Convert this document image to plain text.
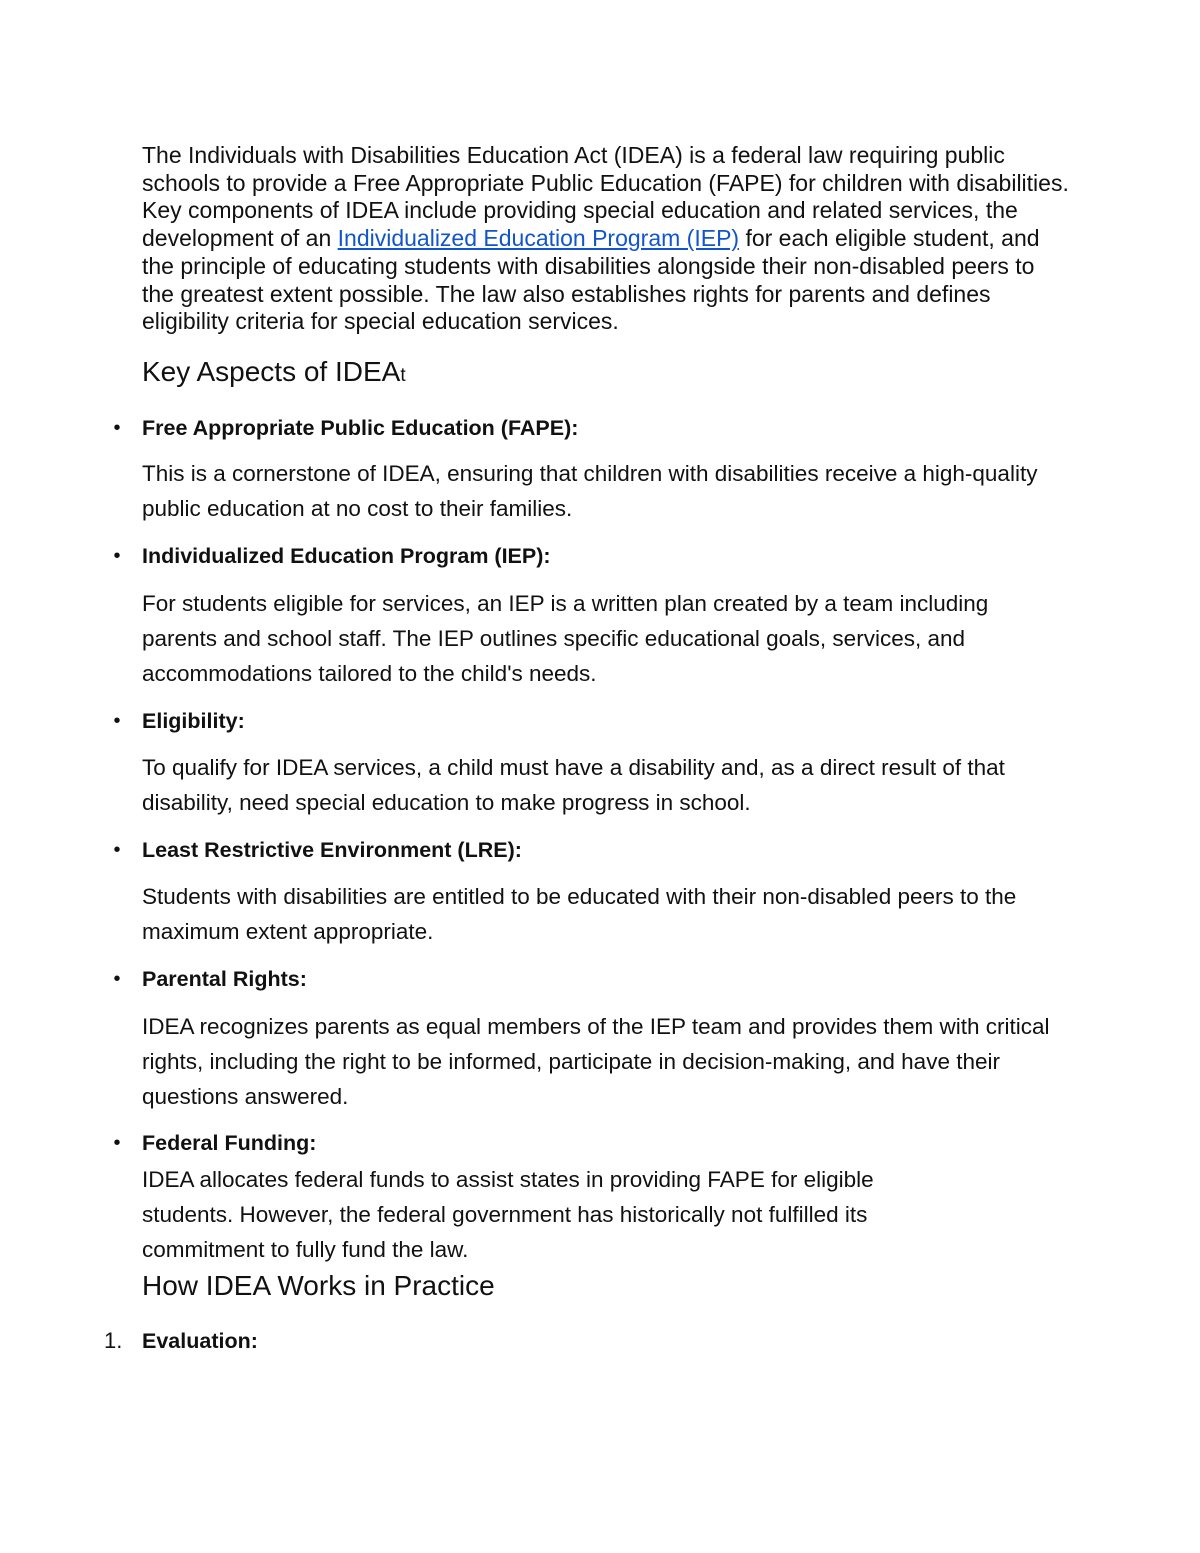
The Individuals with Disabilities Education Act (IDEA) is a federal law requiring public schools to provide a Free Appropriate Public Education (FAPE) for children with disabilities. Key components of IDEA include providing special education and related services, the development of an Individualized Education Program (IEP) for each eligible student, and the principle of educating students with disabilities alongside their non-disabled peers to the greatest extent possible. The law also establishes rights for parents and defines eligibility criteria for special education services.

Key Aspects of IDEAt
•	Free Appropriate Public Education (FAPE):

This is a cornerstone of IDEA, ensuring that children with disabilities receive a high-quality public education at no cost to their families.

•	Individualized Education Program (IEP):

For students eligible for services, an IEP is a written plan created by a team including parents and school staff. The IEP outlines specific educational goals, services, and accommodations tailored to the child's needs.

•	Eligibility:

To qualify for IDEA services, a child must have a disability and, as a direct result of that disability, need special education to make progress in school.

•	Least Restrictive Environment (LRE):

Students with disabilities are entitled to be educated with their non-disabled peers to the maximum extent appropriate.

•	Parental Rights:

IDEA recognizes parents as equal members of the IEP team and provides them with critical rights, including the right to be informed, participate in decision-making, and have their questions answered.

•	Federal Funding:

IDEA allocates federal funds to assist states in providing FAPE for eligible students. However, the federal government has historically not fulfilled its commitment to fully fund the law.

How IDEA Works in Practice
1. Evaluation:
